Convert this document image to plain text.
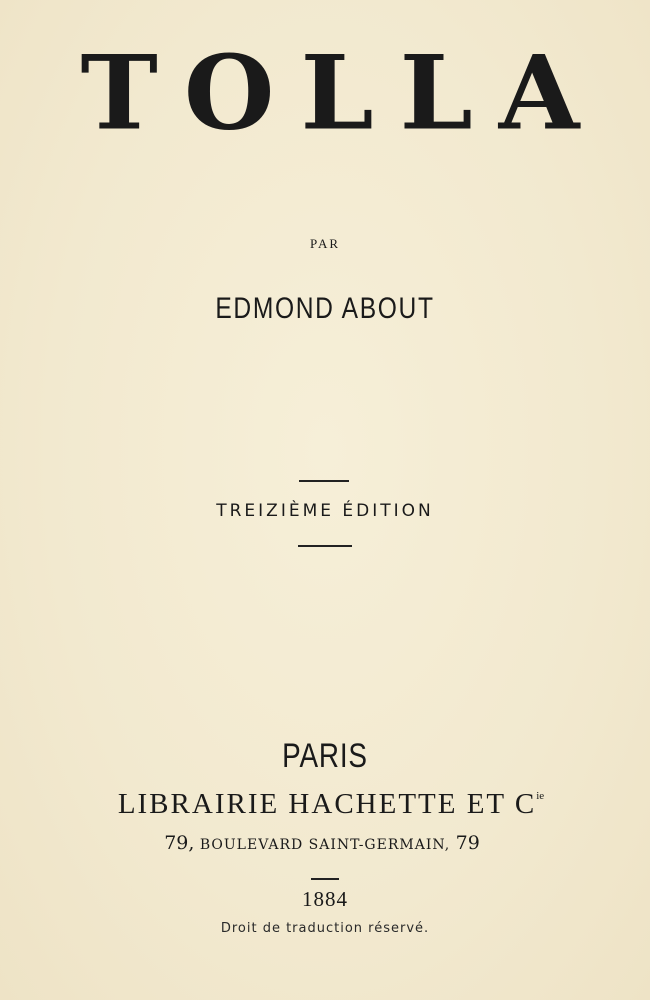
TOLLA
PAR
EDMOND ABOUT
TREIZIÈME ÉDITION
PARIS
LIBRAIRIE HACHETTE ET $C^{ie}$
79, BOULEVARD SAINT-GERMAIN, 79
1884
Droit de traduction réservé.
